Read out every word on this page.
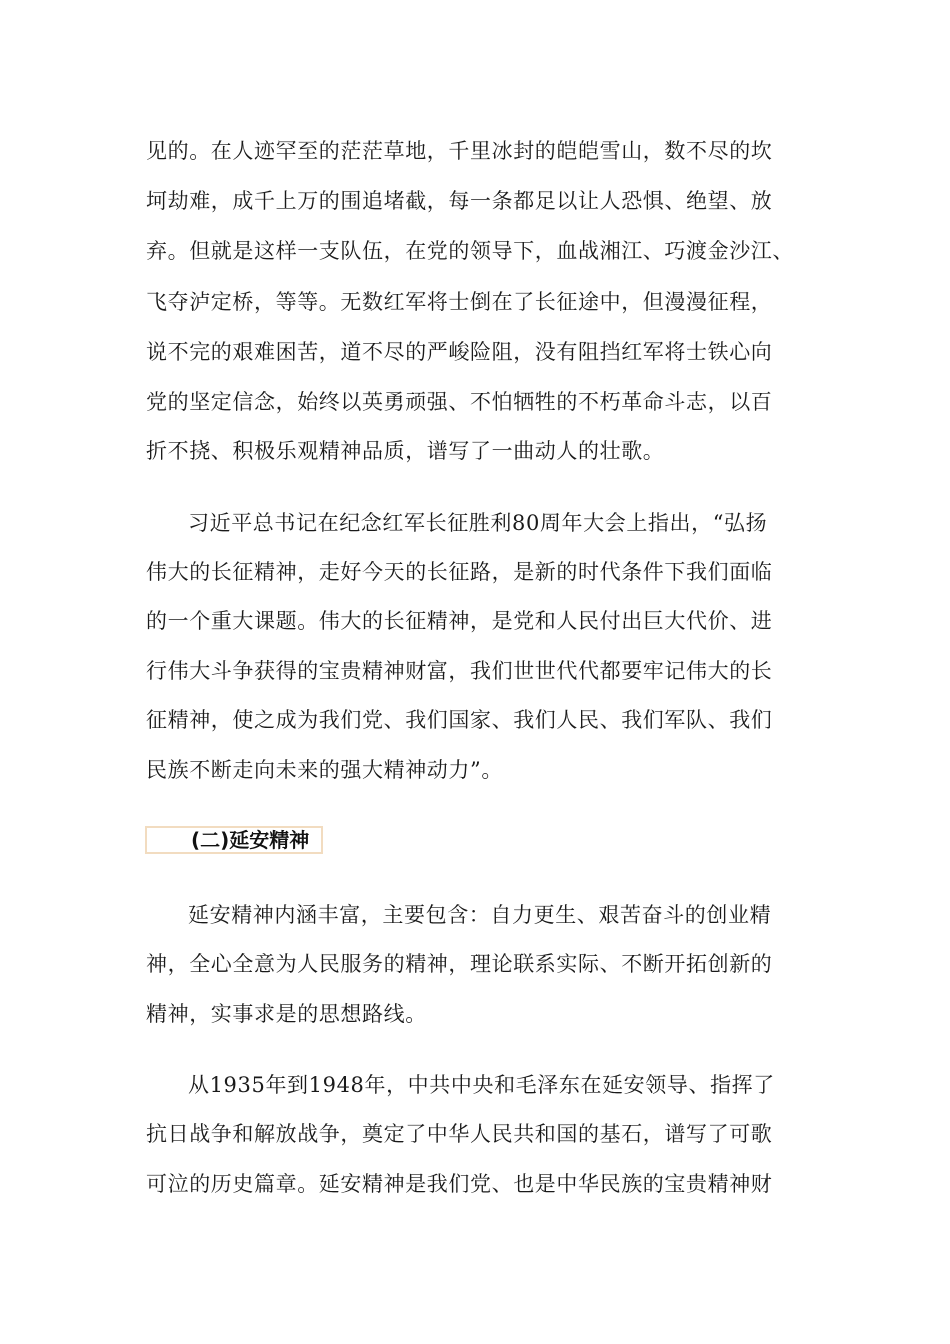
见的。在人迹罕至的茫茫草地，千里冰封的皑皑雪山，数不尽的坎
坷劫难，成千上万的围追堵截，每一条都足以让人恐惧、绝望、放
弃。但就是这样一支队伍，在党的领导下，血战湘江、巧渡金沙江、
飞夺泸定桥，等等。无数红军将士倒在了长征途中，但漫漫征程，
说不完的艰难困苦，道不尽的严峻险阻，没有阻挡红军将士铁心向
党的坚定信念，始终以英勇顽强、不怕牺牲的不朽革命斗志，以百
折不挠、积极乐观精神品质，谱写了一曲动人的壮歌。
习近平总书记在纪念红军长征胜利80周年大会上指出，“弘扬
伟大的长征精神，走好今天的长征路，是新的时代条件下我们面临
的一个重大课题。伟大的长征精神，是党和人民付出巨大代价、进
行伟大斗争获得的宝贵精神财富，我们世世代代都要牢记伟大的长
征精神，使之成为我们党、我们国家、我们人民、我们军队、我们
民族不断走向未来的强大精神动力”。
(二)延安精神
延安精神内涵丰富，主要包含：自力更生、艰苦奋斗的创业精
神，全心全意为人民服务的精神，理论联系实际、不断开拓创新的
精神，实事求是的思想路线。
从1935年到1948年，中共中央和毛泽东在延安领导、指挥了
抗日战争和解放战争，奠定了中华人民共和国的基石，谱写了可歌
可泣的历史篇章。延安精神是我们党、也是中华民族的宝贵精神财
